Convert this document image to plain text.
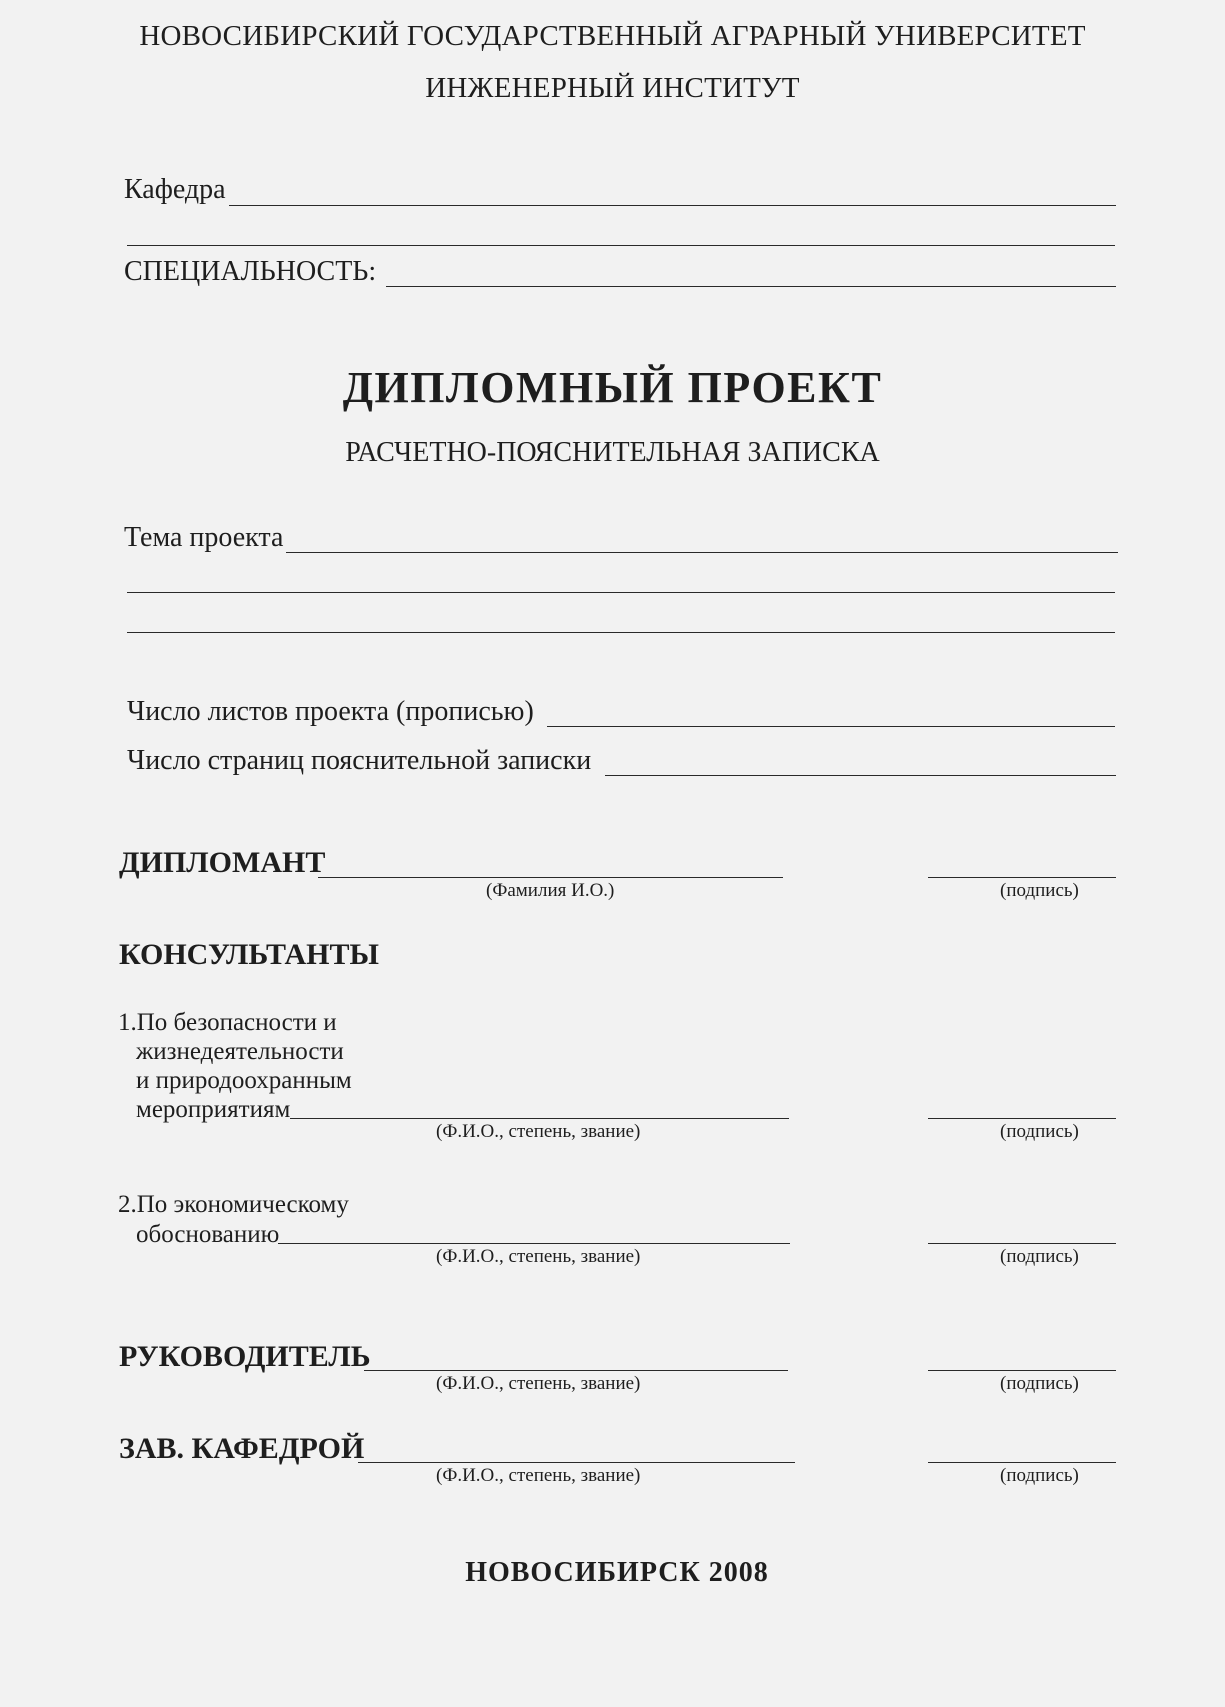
НОВОСИБИРСКИЙ ГОСУДАРСТВЕННЫЙ АГРАРНЫЙ УНИВЕРСИТЕТ
ИНЖЕНЕРНЫЙ ИНСТИТУТ
Кафедра
СПЕЦИАЛЬНОСТЬ:
ДИПЛОМНЫЙ ПРОЕКТ
РАСЧЕТНО-ПОЯСНИТЕЛЬНАЯ ЗАПИСКА
Тема проекта
Число листов проекта (прописью)
Число страниц пояснительной записки
ДИПЛОМАНТ
(Фамилия И.О.)	(подпись)
КОНСУЛЬТАНТЫ
1.По безопасности и
жизнедеятельности
и природоохранным
мероприятиям
(Ф.И.О., степень, звание)	(подпись)
2.По экономическому
обоснованию
(Ф.И.О., степень, звание)	(подпись)
РУКОВОДИТЕЛЬ
(Ф.И.О., степень, звание)	(подпись)
ЗАВ. КАФЕДРОЙ
(Ф.И.О., степень, звание)	(подпись)
НОВОСИБИРСК 2008
